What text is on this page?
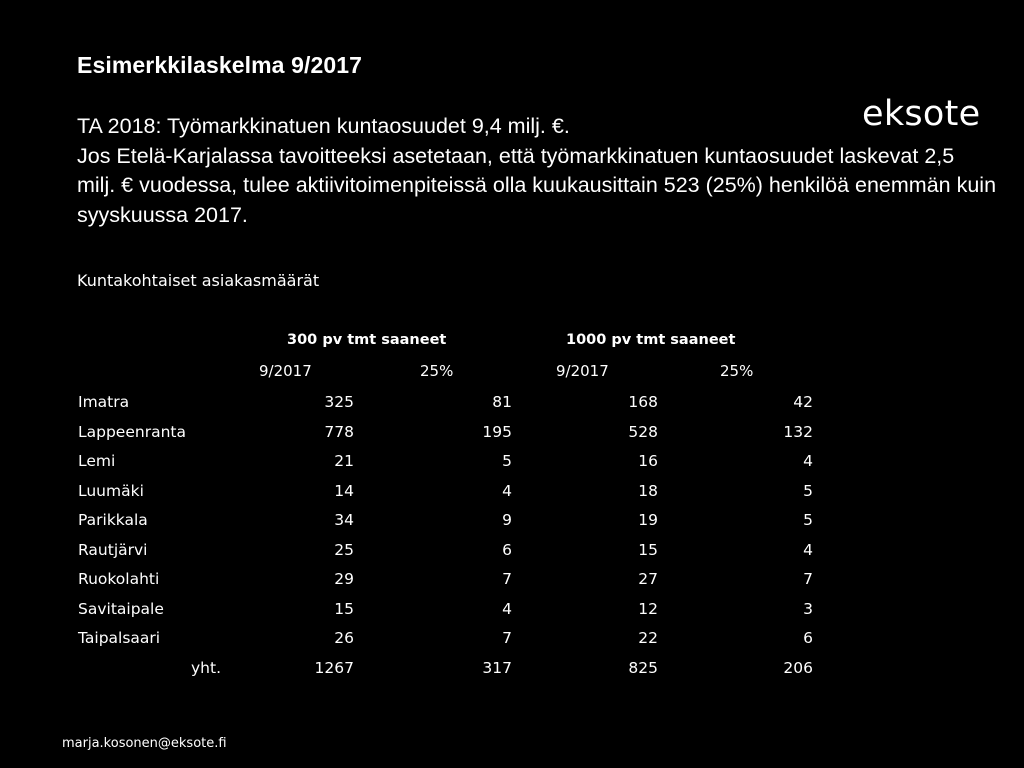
Esimerkkilaskelma 9/2017
eksote

TA 2018: Työmarkkinatuen kuntaosuudet 9,4 milj. €.

Jos Etelä-Karjalassa tavoitteeksi asetetaan, että työmarkkinatuen kuntaosuudet laskevat 2,5 milj. € vuodessa, tulee aktiivitoimenpiteissä olla kuukausittain 523 (25%) henkilöä enemmän kuin syyskuussa 2017.

Kuntakohtaiset asiakasmäärät
300 pv tmt saaneet	1000 pv tmt saaneet
9/2017	25%	9/2017	25%
Imatra	325	81	168	42
Lappeenranta	778	195	528	132
Lemi	21	5	16	4
Luumäki	14	4	18	5
Parikkala	34	9	19	5
Rautjärvi	25	6	15	4
Ruokolahti	29	7	27	7
Savitaipale	15	4	12	3
Taipalsaari	26	7	22	6
yht.	1267	317	825	206
marja.kosonen@eksote.fi
